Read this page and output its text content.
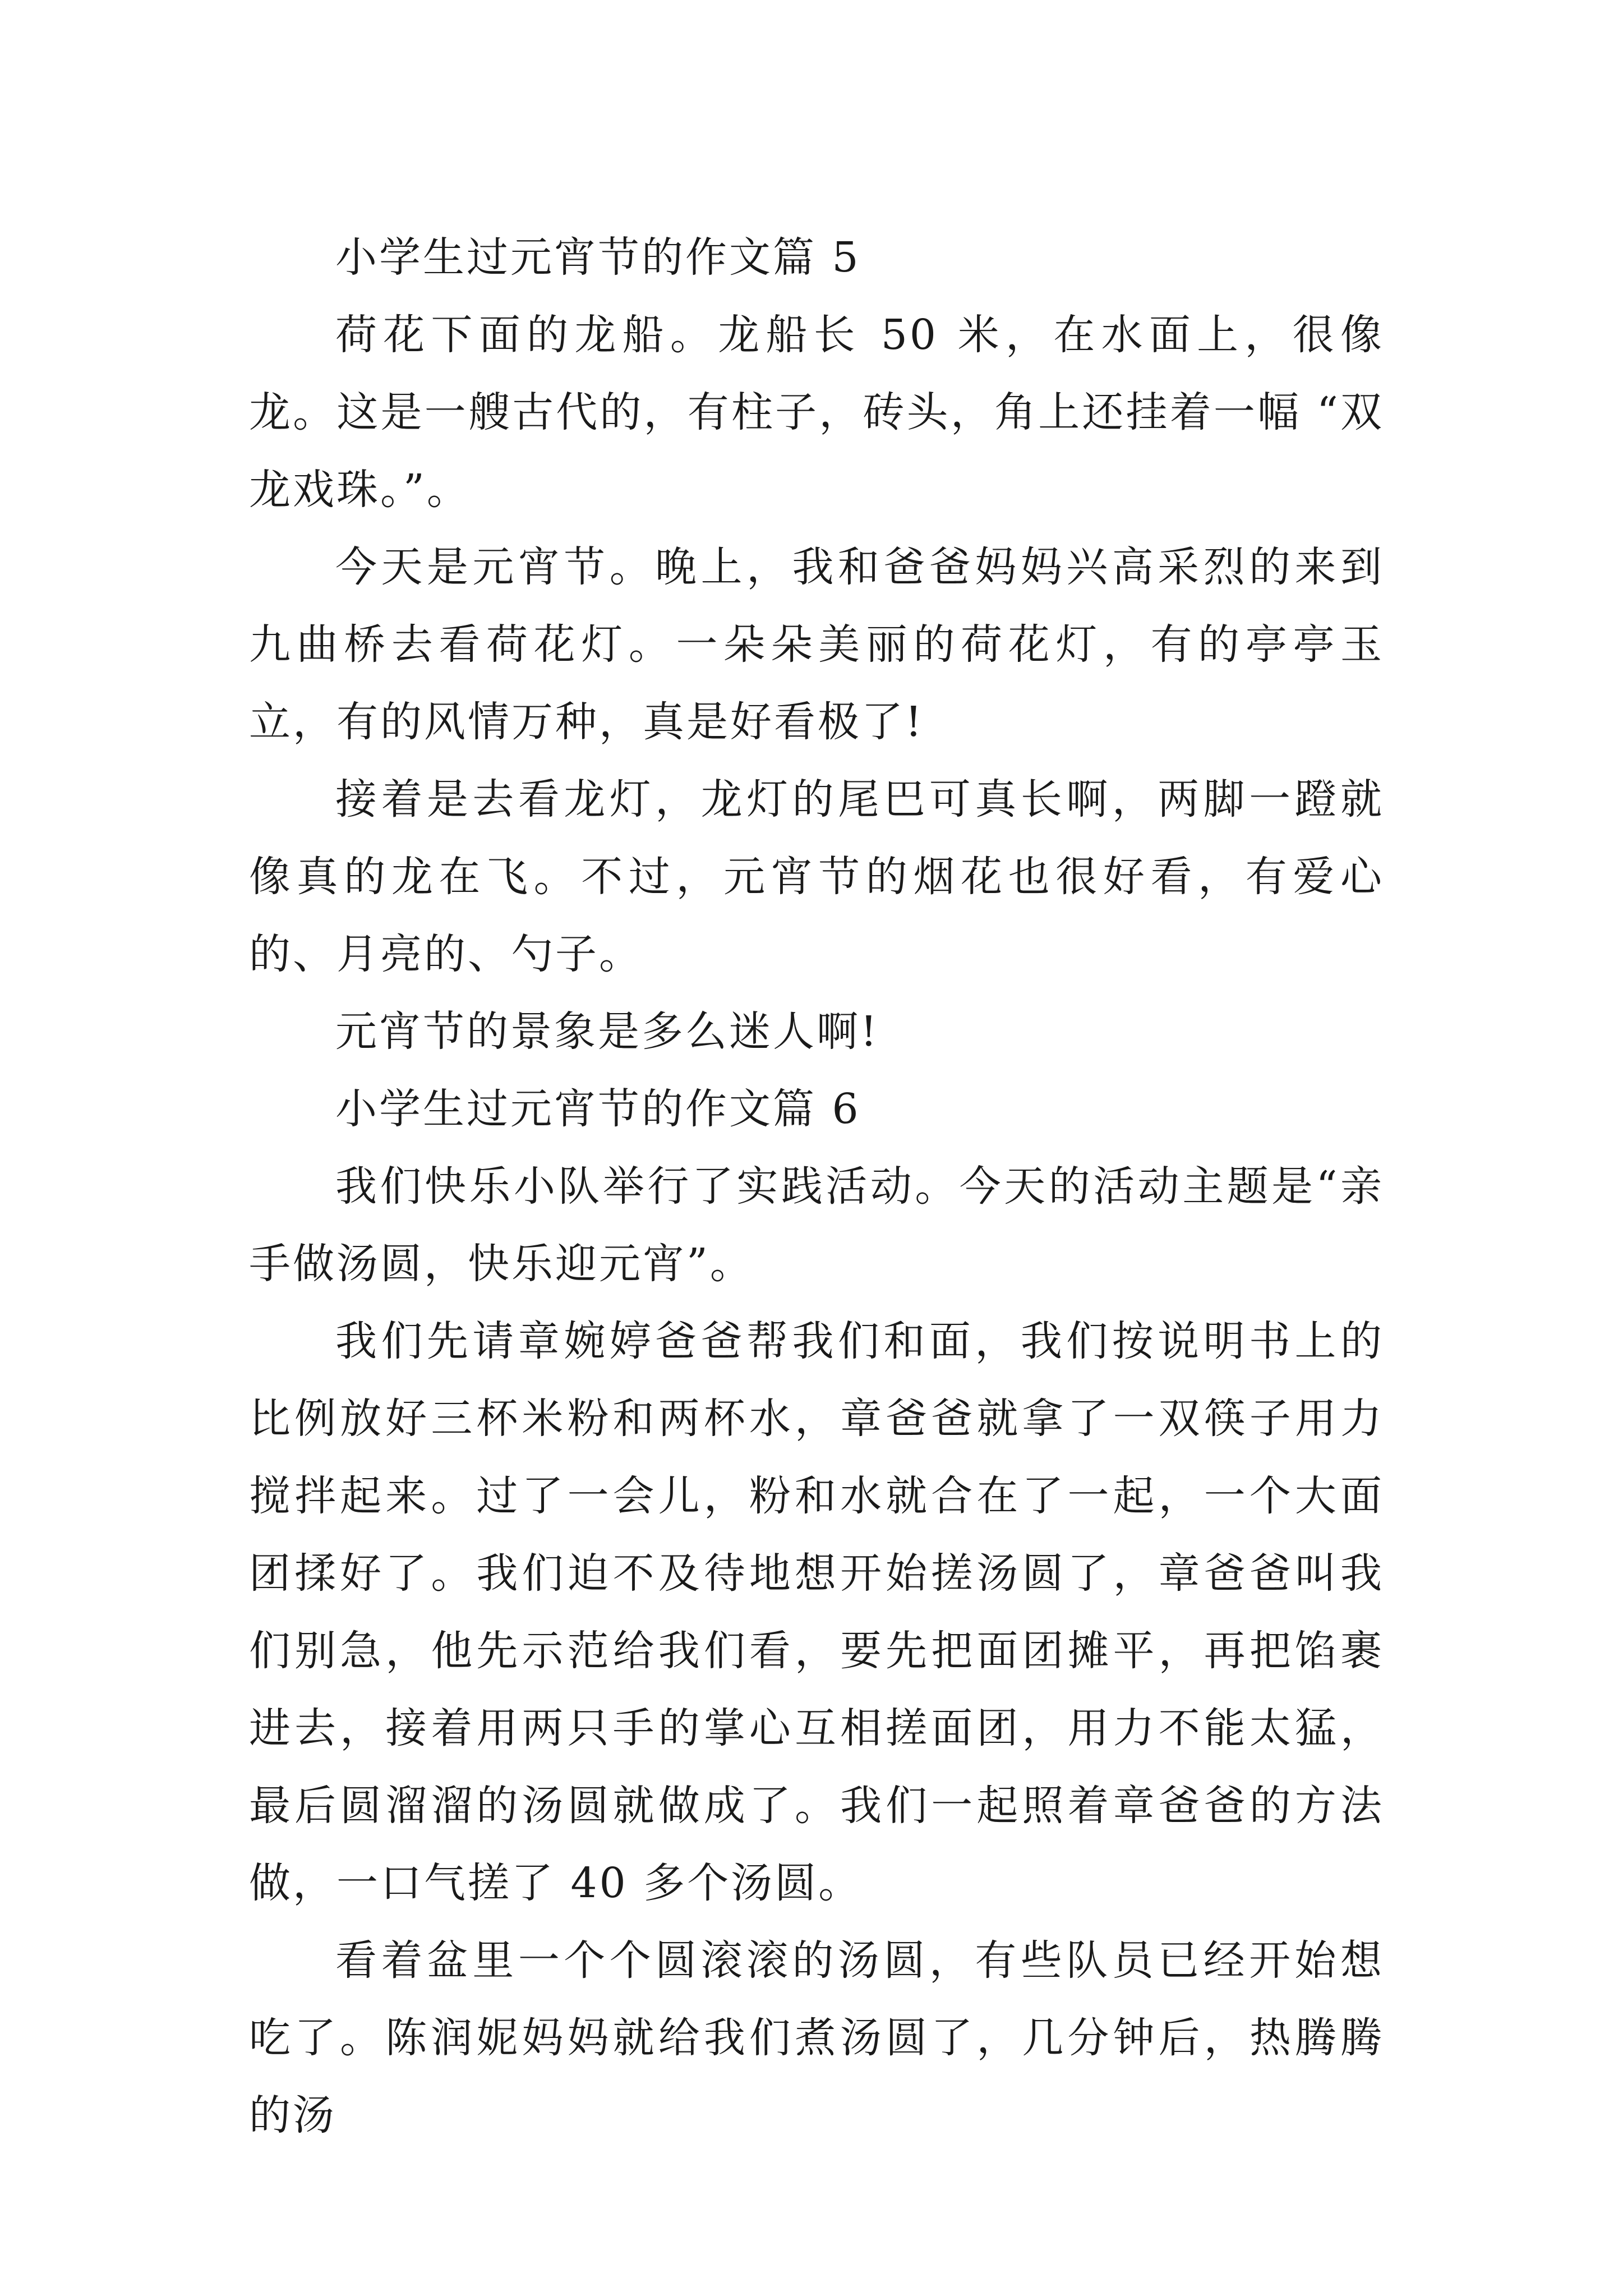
小学生过元宵节的作文篇 5

荷花下面的龙船。龙船长 50 米，在水面上，很像龙。这是一艘古代的，有柱子，砖头，角上还挂着一幅 “双龙戏珠。”。

今天是元宵节。晚上，我和爸爸妈妈兴高采烈的来到九曲桥去看荷花灯。一朵朵美丽的荷花灯，有的亭亭玉立，有的风情万种，真是好看极了!

接着是去看龙灯，龙灯的尾巴可真长啊，两脚一蹬就像真的龙在飞。不过，元宵节的烟花也很好看，有爱心的、月亮的、勺子。

元宵节的景象是多么迷人啊!

小学生过元宵节的作文篇 6

我们快乐小队举行了实践活动。今天的活动主题是“亲手做汤圆，快乐迎元宵”。

我们先请章婉婷爸爸帮我们和面，我们按说明书上的比例放好三杯米粉和两杯水，章爸爸就拿了一双筷子用力搅拌起来。过了一会儿，粉和水就合在了一起，一个大面团揉好了。我们迫不及待地想开始搓汤圆了，章爸爸叫我们别急，他先示范给我们看，要先把面团摊平，再把馅裹进去，接着用两只手的掌心互相搓面团，用力不能太猛，最后圆溜溜的汤圆就做成了。我们一起照着章爸爸的方法做，一口气搓了 40 多个汤圆。

看着盆里一个个圆滚滚的汤圆，有些队员已经开始想吃了。陈润妮妈妈就给我们煮汤圆了，几分钟后，热腾腾的汤
